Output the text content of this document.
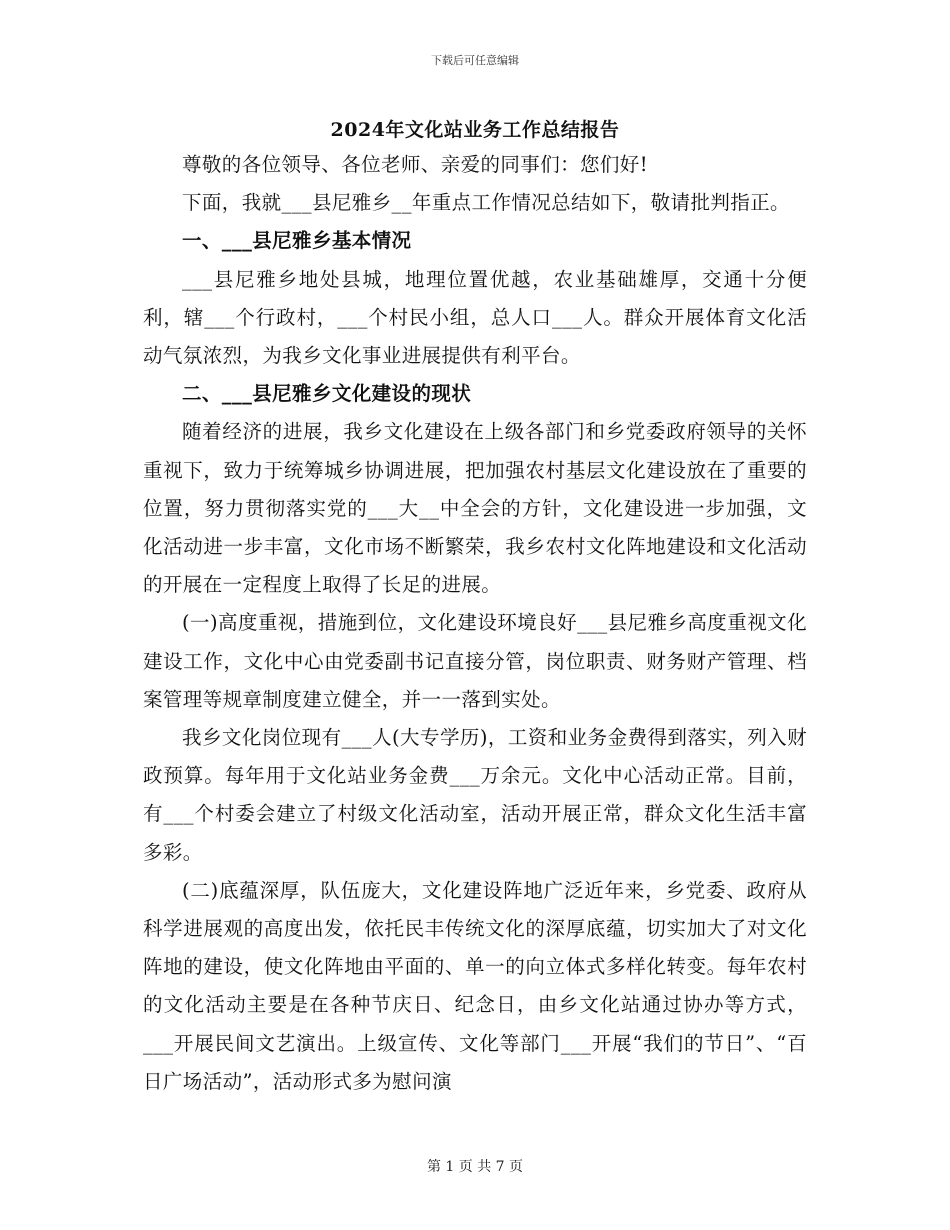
下载后可任意编辑
2024年文化站业务工作总结报告

尊敬的各位领导、各位老师、亲爱的同事们：您们好!

下面，我就___县尼雅乡__年重点工作情况总结如下，敬请批判指正。

一、___县尼雅乡基本情况

___县尼雅乡地处县城，地理位置优越，农业基础雄厚，交通十分便利，辖___个行政村，___个村民小组，总人口___人。群众开展体育文化活动气氛浓烈，为我乡文化事业进展提供有利平台。

二、___县尼雅乡文化建设的现状

随着经济的进展，我乡文化建设在上级各部门和乡党委政府领导的关怀重视下，致力于统筹城乡协调进展，把加强农村基层文化建设放在了重要的位置，努力贯彻落实党的___大__中全会的方针，文化建设进一步加强，文化活动进一步丰富，文化市场不断繁荣，我乡农村文化阵地建设和文化活动的开展在一定程度上取得了长足的进展。

(一)高度重视，措施到位，文化建设环境良好___县尼雅乡高度重视文化建设工作，文化中心由党委副书记直接分管，岗位职责、财务财产管理、档案管理等规章制度建立健全，并一一落到实处。

我乡文化岗位现有___人(大专学历)，工资和业务金费得到落实，列入财政预算。每年用于文化站业务金费___万余元。文化中心活动正常。目前，有___个村委会建立了村级文化活动室，活动开展正常，群众文化生活丰富多彩。

(二)底蕴深厚，队伍庞大，文化建设阵地广泛近年来，乡党委、政府从科学进展观的高度出发，依托民丰传统文化的深厚底蕴，切实加大了对文化阵地的建设，使文化阵地由平面的、单一的向立体式多样化转变。每年农村的文化活动主要是在各种节庆日、纪念日，由乡文化站通过协办等方式，___开展民间文艺演出。上级宣传、文化等部门___开展“我们的节日”、“百日广场活动”，活动形式多为慰问演

第 1 页 共 7 页
